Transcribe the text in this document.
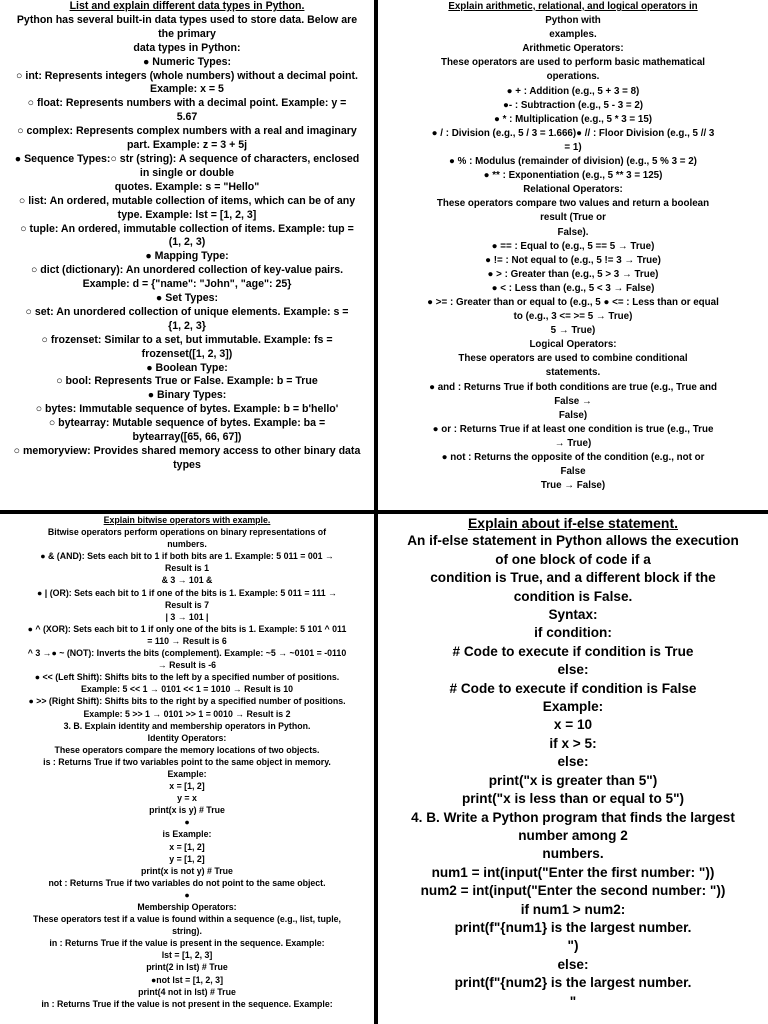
List and explain different data types in Python.
Python has several built-in data types used to store data. Below are
the primary
data types in Python:
● Numeric Types:
○ int: Represents integers (whole numbers) without a decimal point.
Example: x = 5
○ float: Represents numbers with a decimal point. Example: y =
5.67
○ complex: Represents complex numbers with a real and imaginary
part. Example: z = 3 + 5j
● Sequence Types:○ str (string): A sequence of characters, enclosed
in single or double
quotes. Example: s = "Hello"
○ list: An ordered, mutable collection of items, which can be of any
type. Example: lst = [1, 2, 3]
○ tuple: An ordered, immutable collection of items. Example: tup =
(1, 2, 3)
● Mapping Type:
○ dict (dictionary): An unordered collection of key-value pairs.
Example: d = {"name": "John", "age": 25}
● Set Types:
○ set: An unordered collection of unique elements. Example: s =
{1, 2, 3}
○ frozenset: Similar to a set, but immutable. Example: fs =
frozenset([1, 2, 3])
● Boolean Type:
○ bool: Represents True or False. Example: b = True
● Binary Types:
○ bytes: Immutable sequence of bytes. Example: b = b'hello'
○ bytearray: Mutable sequence of bytes. Example: ba =
bytearray([65, 66, 67])
○ memoryview: Provides shared memory access to other binary data
types
Explain arithmetic, relational, and logical operators in
Python with
examples.
Arithmetic Operators:
These operators are used to perform basic mathematical
operations.
● + : Addition (e.g., 5 + 3 = 8)
●- : Subtraction (e.g., 5 - 3 = 2)
● * : Multiplication (e.g., 5 * 3 = 15)
● / : Division (e.g., 5 / 3 = 1.666)● // : Floor Division (e.g., 5 // 3
= 1)
● % : Modulus (remainder of division) (e.g., 5 % 3 = 2)
● ** : Exponentiation (e.g., 5 ** 3 = 125)
Relational Operators:
These operators compare two values and return a boolean
result (True or
False).
● == : Equal to (e.g., 5 == 5 → True)
● != : Not equal to (e.g., 5 != 3 → True)
● > : Greater than (e.g., 5 > 3 → True)
● < : Less than (e.g., 5 < 3 → False)
● >= : Greater than or equal to (e.g., 5 ● <= : Less than or equal
to (e.g., 3 <= >= 5 → True)
5 → True)
Logical Operators:
These operators are used to combine conditional
statements.
● and : Returns True if both conditions are true (e.g., True and
False →
False)
● or : Returns True if at least one condition is true (e.g., True
→ True)
● not : Returns the opposite of the condition (e.g., not or
False
True → False)
Explain bitwise operators with example.
Bitwise operators perform operations on binary representations of
numbers.
● & (AND): Sets each bit to 1 if both bits are 1. Example: 5 011 = 001 →
Result is 1
& 3 → 101 &
● | (OR): Sets each bit to 1 if one of the bits is 1. Example: 5 011 = 111 →
Result is 7
| 3 → 101 |
● ^ (XOR): Sets each bit to 1 if only one of the bits is 1. Example: 5 101 ^ 011
= 110 → Result is 6
^ 3 →● ~ (NOT): Inverts the bits (complement). Example: ~5 → ~0101 = -0110
→ Result is -6
● << (Left Shift): Shifts bits to the left by a specified number of positions.
Example: 5 << 1 → 0101 << 1 = 1010 → Result is 10
● >> (Right Shift): Shifts bits to the right by a specified number of positions.
Example: 5 >> 1 → 0101 >> 1 = 0010 → Result is 2
3. B. Explain identity and membership operators in Python.
Identity Operators:
These operators compare the memory locations of two objects.
is : Returns True if two variables point to the same object in memory.
Example:
x = [1, 2]
y = x
print(x is y) # True
●
is Example:
x = [1, 2]
y = [1, 2]
print(x is not y) # True
not : Returns True if two variables do not point to the same object.
●
Membership Operators:
These operators test if a value is found within a sequence (e.g., list, tuple,
string).
in : Returns True if the value is present in the sequence. Example:
lst = [1, 2, 3]
print(2 in lst) # True
●not lst = [1, 2, 3]
print(4 not in lst) # True
in : Returns True if the value is not present in the sequence. Example:
Explain about if-else statement.
An if-else statement in Python allows the execution
of one block of code if a
condition is True, and a different block if the
condition is False.
Syntax:
if condition:
# Code to execute if condition is True
else:
# Code to execute if condition is False
Example:
x = 10
if x > 5:
else:
print("x is greater than 5")
print("x is less than or equal to 5")
4. B. Write a Python program that finds the largest
number among 2
numbers.
num1 = int(input("Enter the first number: "))
num2 = int(input("Enter the second number: "))
if num1 > num2:
print(f"{num1} is the largest number.
")
else:
print(f"{num2} is the largest number.
"
